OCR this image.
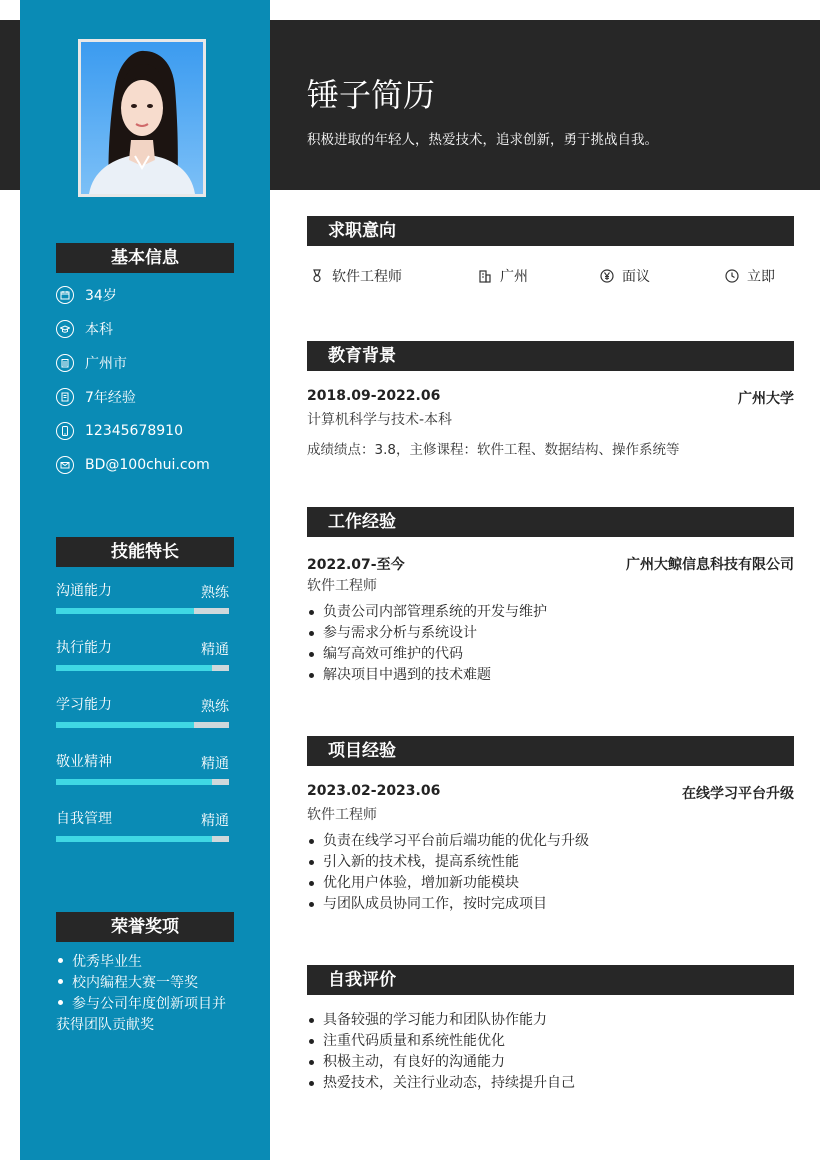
锤子简历
积极进取的年轻人，热爱技术，追求创新，勇于挑战自我。
基本信息
34岁
本科
广州市
7年经验
12345678910
BD@100chui.com
技能特长
沟通能力	熟练
执行能力	精通
学习能力	熟练
敬业精神	精通
自我管理	精通
荣誉奖项
优秀毕业生
校内编程大赛一等奖
参与公司年度创新项目并获得团队贡献奖
求职意向
软件工程师	广州	面议	立即
教育背景
2018.09-2022.06	广州大学
计算机科学与技术-本科
成绩绩点：3.8，主修课程：软件工程、数据结构、操作系统等
工作经验
2022.07-至今	广州大鲸信息科技有限公司
软件工程师
负责公司内部管理系统的开发与维护
参与需求分析与系统设计
编写高效可维护的代码
解决项目中遇到的技术难题
项目经验
2023.02-2023.06	在线学习平台升级
软件工程师
负责在线学习平台前后端功能的优化与升级
引入新的技术栈，提高系统性能
优化用户体验，增加新功能模块
与团队成员协同工作，按时完成项目
自我评价
具备较强的学习能力和团队协作能力
注重代码质量和系统性能优化
积极主动，有良好的沟通能力
热爱技术，关注行业动态，持续提升自己
